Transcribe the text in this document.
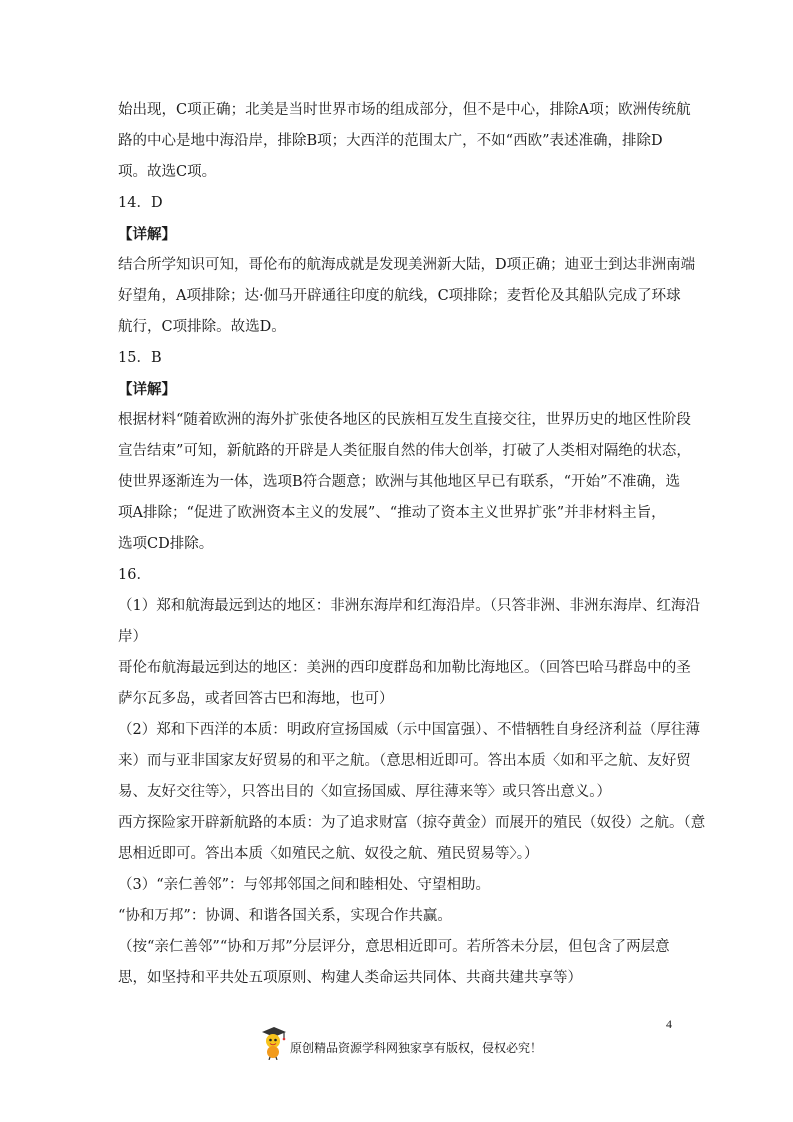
始出现，C项正确；北美是当时世界市场的组成部分，但不是中心，排除A项；欧洲传统航
路的中心是地中海沿岸，排除B项；大西洋的范围太广，不如“西欧”表述准确，排除D
项。故选C项。
14．D
【详解】
结合所学知识可知，哥伦布的航海成就是发现美洲新大陆，D项正确；迪亚士到达非洲南端
好望角，A项排除；达·伽马开辟通往印度的航线，C项排除；麦哲伦及其船队完成了环球
航行，C项排除。故选D。
15．B
【详解】
根据材料“随着欧洲的海外扩张使各地区的民族相互发生直接交往，世界历史的地区性阶段
宣告结束”可知，新航路的开辟是人类征服自然的伟大创举，打破了人类相对隔绝的状态，
使世界逐渐连为一体，选项B符合题意；欧洲与其他地区早已有联系，“开始”不准确，选
项A排除；“促进了欧洲资本主义的发展”、“推动了资本主义世界扩张”并非材料主旨，
选项CD排除。
16．
（1）郑和航海最远到达的地区：非洲东海岸和红海沿岸。（只答非洲、非洲东海岸、红海沿
岸）
哥伦布航海最远到达的地区：美洲的西印度群岛和加勒比海地区。（回答巴哈马群岛中的圣
萨尔瓦多岛，或者回答古巴和海地，也可）
（2）郑和下西洋的本质：明政府宣扬国威（示中国富强）、不惜牺牲自身经济利益（厚往薄
来）而与亚非国家友好贸易的和平之航。（意思相近即可。答出本质〈如和平之航、友好贸
易、友好交往等〉，只答出目的〈如宣扬国威、厚往薄来等〉或只答出意义。）
西方探险家开辟新航路的本质：为了追求财富（掠夺黄金）而展开的殖民（奴役）之航。（意
思相近即可。答出本质〈如殖民之航、奴役之航、殖民贸易等〉。）
（3）“亲仁善邻”：与邻邦邻国之间和睦相处、守望相助。
“协和万邦”：协调、和谐各国关系，实现合作共赢。
（按“亲仁善邻”“协和万邦”分层评分，意思相近即可。若所答未分层，但包含了两层意
思，如坚持和平共处五项原则、构建人类命运共同体、共商共建共享等）
4
原创精品资源学科网独家享有版权，侵权必究！
